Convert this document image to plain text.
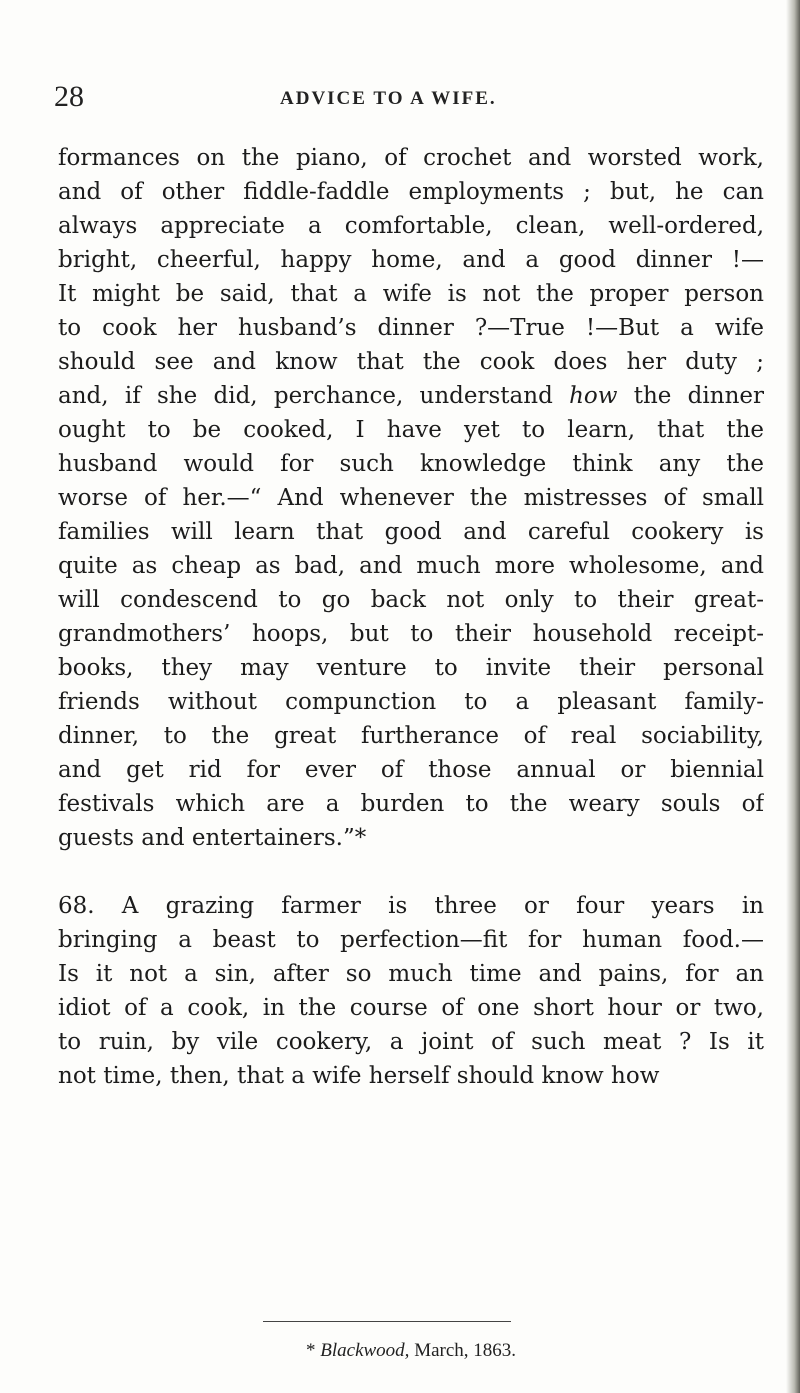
28	ADVICE TO A WIFE.
formances on the piano, of crochet and worsted work,
and of other fiddle-faddle employments ; but, he can
always appreciate a comfortable, clean, well-ordered,
bright, cheerful, happy home, and a good dinner !—
It might be said, that a wife is not the proper person
to cook her husband’s dinner ?—True !—But a wife
should see and know that the cook does her duty ;
and, if she did, perchance, understand how the dinner
ought to be cooked, I have yet to learn, that the
husband would for such knowledge think any the
worse of her.—“ And whenever the mistresses of small
families will learn that good and careful cookery is
quite as cheap as bad, and much more wholesome, and
will condescend to go back not only to their great-
grandmothers’ hoops, but to their household receipt-
books, they may venture to invite their personal
friends without compunction to a pleasant family-
dinner, to the great furtherance of real sociability,
and get rid for ever of those annual or biennial
festivals which are a burden to the weary souls of
guests and entertainers.”*
68. A grazing farmer is three or four years in
bringing a beast to perfection—fit for human food.—
Is it not a sin, after so much time and pains, for an
idiot of a cook, in the course of one short hour or two,
to ruin, by vile cookery, a joint of such meat ? Is it
not time, then, that a wife herself should know how
* Blackwood, March, 1863.
